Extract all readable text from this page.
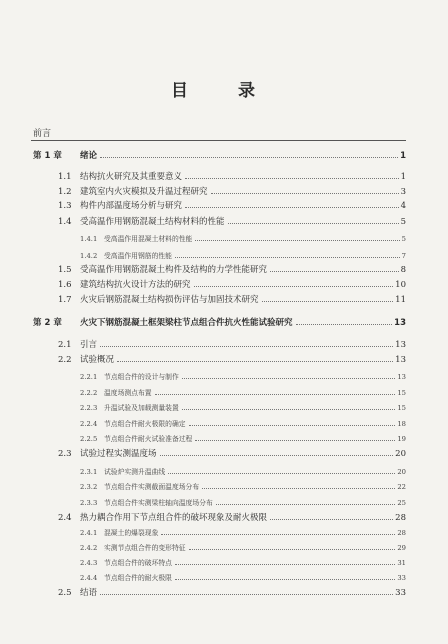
目 录
前言
第 1 章	绪论	1
1.1 结构抗火研究及其重要意义	1
1.2 建筑室内火灾模拟及升温过程研究	3
1.3 构件内部温度场分析与研究	4
1.4 受高温作用钢筋混凝土结构材料的性能	5
1.4.1 受高温作用混凝土材料的性能	5
1.4.2 受高温作用钢筋的性能	7
1.5 受高温作用钢筋混凝土构件及结构的力学性能研究	8
1.6 建筑结构抗火设计方法的研究	10
1.7 火灾后钢筋混凝土结构损伤评估与加固技术研究	11
第 2 章	火灾下钢筋混凝土框架梁柱节点组合件抗火性能试验研究	13
2.1 引言	13
2.2 试验概况	13
2.2.1 节点组合件的设计与制作	13
2.2.2 温度场测点布置	15
2.2.3 升温试验及加载测量装置	15
2.2.4 节点组合件耐火极限的确定	18
2.2.5 节点组合件耐火试验准备过程	19
2.3 试验过程实测温度场	20
2.3.1 试验炉实测升温曲线	20
2.3.2 节点组合件实测截面温度场分布	22
2.3.3 节点组合件实测梁柱轴向温度场分布	25
2.4 热力耦合作用下节点组合件的破坏现象及耐火极限	28
2.4.1 混凝土的爆裂现象	28
2.4.2 实测节点组合件的变形特征	29
2.4.3 节点组合件的破坏特点	31
2.4.4 节点组合件的耐火极限	33
2.5 结语	33
